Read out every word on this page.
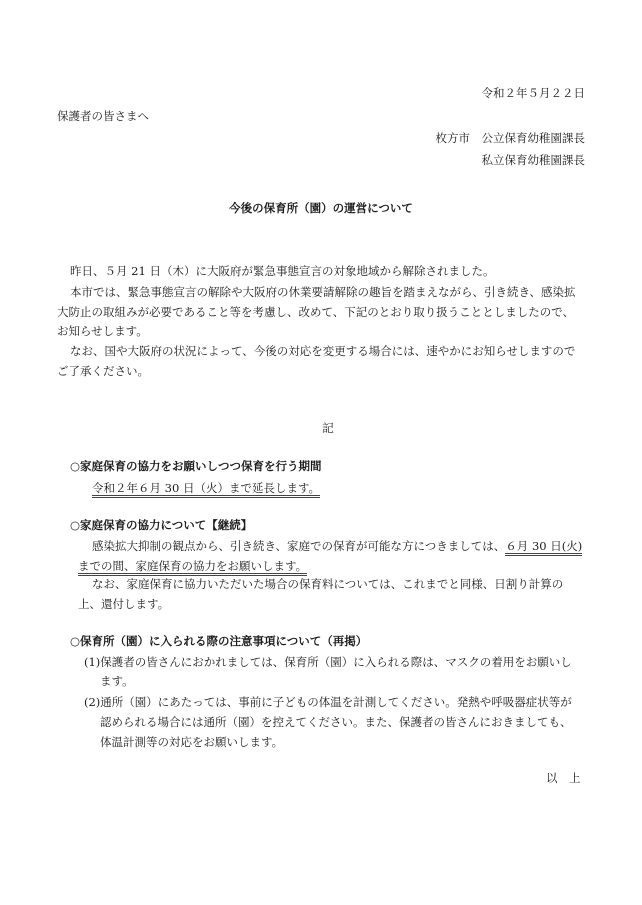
令和２年５月２２日
保護者の皆さまへ
枚方市　公立保育幼稚園課長
私立保育幼稚園課長
今後の保育所（園）の運営について
昨日、５月 21 日（木）に大阪府が緊急事態宣言の対象地域から解除されました。
本市では、緊急事態宣言の解除や大阪府の休業要請解除の趣旨を踏まえながら、引き続き、感染拡
大防止の取組みが必要であること等を考慮し、改めて、下記のとおり取り扱うこととしましたので、
お知らせします。
なお、国や大阪府の状況によって、今後の対応を変更する場合には、速やかにお知らせしますので
ご了承ください。
記
○家庭保育の協力をお願いしつつ保育を行う期間
令和２年６月 30 日（火）まで延長します。
○家庭保育の協力について【継続】
感染拡大抑制の観点から、引き続き、家庭での保育が可能な方につきましては、６月 30 日(火)
までの間、家庭保育の協力をお願いします。
なお、家庭保育に協力いただいた場合の保育料については、これまでと同様、日割り計算の
上、還付します。
○保育所（園）に入られる際の注意事項について（再掲）
(1)保護者の皆さんにおかれましては、保育所（園）に入られる際は、マスクの着用をお願いし
ます。
(2)通所（園）にあたっては、事前に子どもの体温を計測してください。発熱や呼吸器症状等が
認められる場合には通所（園）を控えてください。また、保護者の皆さんにおきましても、
体温計測等の対応をお願いします。
以　上
